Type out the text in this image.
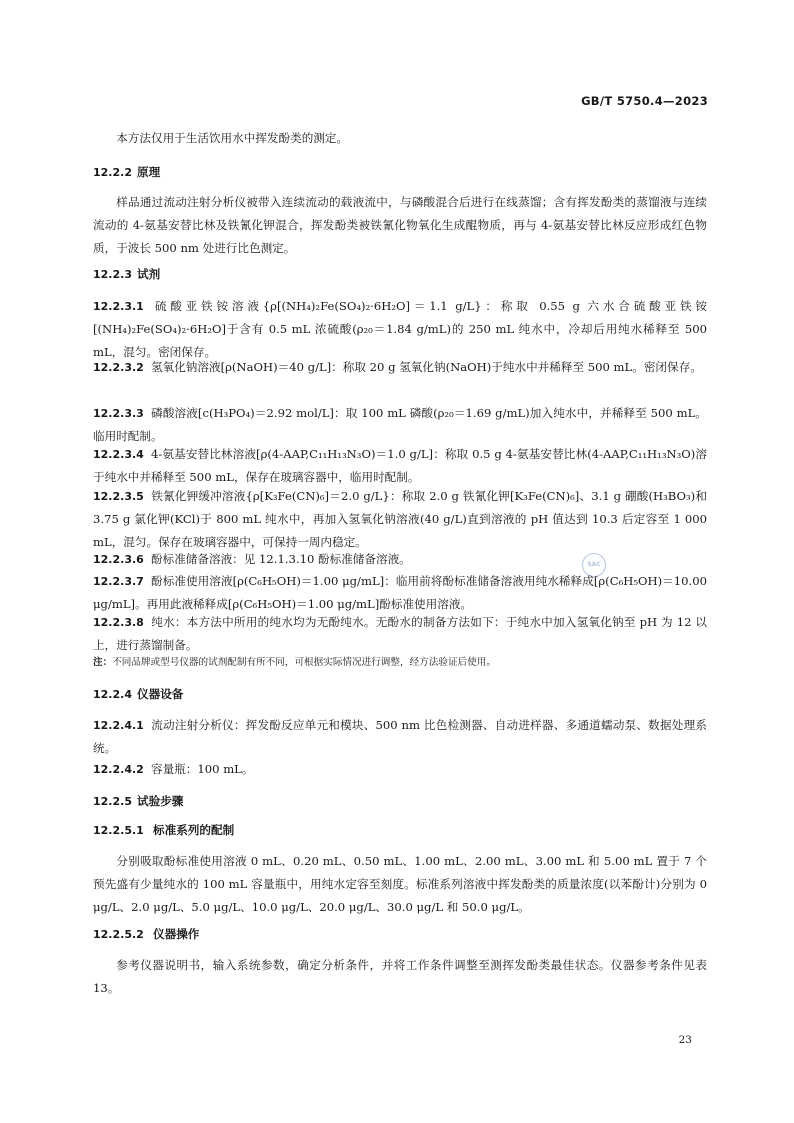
GB/T 5750.4—2023

本方法仅用于生活饮用水中挥发酚类的测定。

12.2.2 原理

样品通过流动注射分析仪被带入连续流动的载液流中，与磷酸混合后进行在线蒸馏；含有挥发酚类的蒸馏液与连续流动的 4-氨基安替比林及铁氰化钾混合，挥发酚类被铁氰化物氧化生成醌物质，再与 4-氨基安替比林反应形成红色物质，于波长 500 nm 处进行比色测定。

12.2.3 试剂

12.2.3.1 硫酸亚铁铵溶液{ρ[(NH₄)₂Fe(SO₄)₂·6H₂O]＝1.1 g/L}：称取 0.55 g 六水合硫酸亚铁铵[(NH₄)₂Fe(SO₄)₂·6H₂O]于含有 0.5 mL 浓硫酸(ρ₂₀＝1.84 g/mL)的 250 mL 纯水中，冷却后用纯水稀释至 500 mL，混匀。密闭保存。

12.2.3.2 氢氧化钠溶液[ρ(NaOH)＝40 g/L]：称取 20 g 氢氧化钠(NaOH)于纯水中并稀释至 500 mL。密闭保存。

12.2.3.3 磷酸溶液[c(H₃PO₄)＝2.92 mol/L]：取 100 mL 磷酸(ρ₂₀＝1.69 g/mL)加入纯水中，并稀释至 500 mL。临用时配制。

12.2.3.4 4-氨基安替比林溶液[ρ(4-AAP,C₁₁H₁₃N₃O)＝1.0 g/L]：称取 0.5 g 4-氨基安替比林(4-AAP,C₁₁H₁₃N₃O)溶于纯水中并稀释至 500 mL，保存在玻璃容器中，临用时配制。

12.2.3.5 铁氰化钾缓冲溶液{ρ[K₃Fe(CN)₆]＝2.0 g/L}：称取 2.0 g 铁氰化钾[K₃Fe(CN)₆]、3.1 g 硼酸(H₃BO₃)和 3.75 g 氯化钾(KCl)于 800 mL 纯水中，再加入氢氧化钠溶液(40 g/L)直到溶液的 pH 值达到 10.3 后定容至 1 000 mL，混匀。保存在玻璃容器中，可保持一周内稳定。

SAC

12.2.3.6 酚标准储备溶液：见 12.1.3.10 酚标准储备溶液。

12.2.3.7 酚标准使用溶液[ρ(C₆H₅OH)＝1.00 μg/mL]：临用前将酚标准储备溶液用纯水稀释成[ρ(C₆H₅OH)＝10.00 μg/mL]。再用此液稀释成[ρ(C₆H₅OH)＝1.00 μg/mL]酚标准使用溶液。

12.2.3.8 纯水：本方法中所用的纯水均为无酚纯水。无酚水的制备方法如下：于纯水中加入氢氧化钠至 pH 为 12 以上，进行蒸馏制备。

注：不同品牌或型号仪器的试剂配制有所不同，可根据实际情况进行调整，经方法验证后使用。

12.2.4 仪器设备

12.2.4.1 流动注射分析仪：挥发酚反应单元和模块、500 nm 比色检测器、自动进样器、多通道蠕动泵、数据处理系统。

12.2.4.2 容量瓶：100 mL。

12.2.5 试验步骤
12.2.5.1 标准系列的配制

分别吸取酚标准使用溶液 0 mL、0.20 mL、0.50 mL、1.00 mL、2.00 mL、3.00 mL 和 5.00 mL 置于 7 个预先盛有少量纯水的 100 mL 容量瓶中，用纯水定容至刻度。标准系列溶液中挥发酚类的质量浓度(以苯酚计)分别为 0 μg/L、2.0 μg/L、5.0 μg/L、10.0 μg/L、20.0 μg/L、30.0 μg/L 和 50.0 μg/L。

12.2.5.2 仪器操作

参考仪器说明书，输入系统参数，确定分析条件，并将工作条件调整至测挥发酚类最佳状态。仪器参考条件见表 13。

23
